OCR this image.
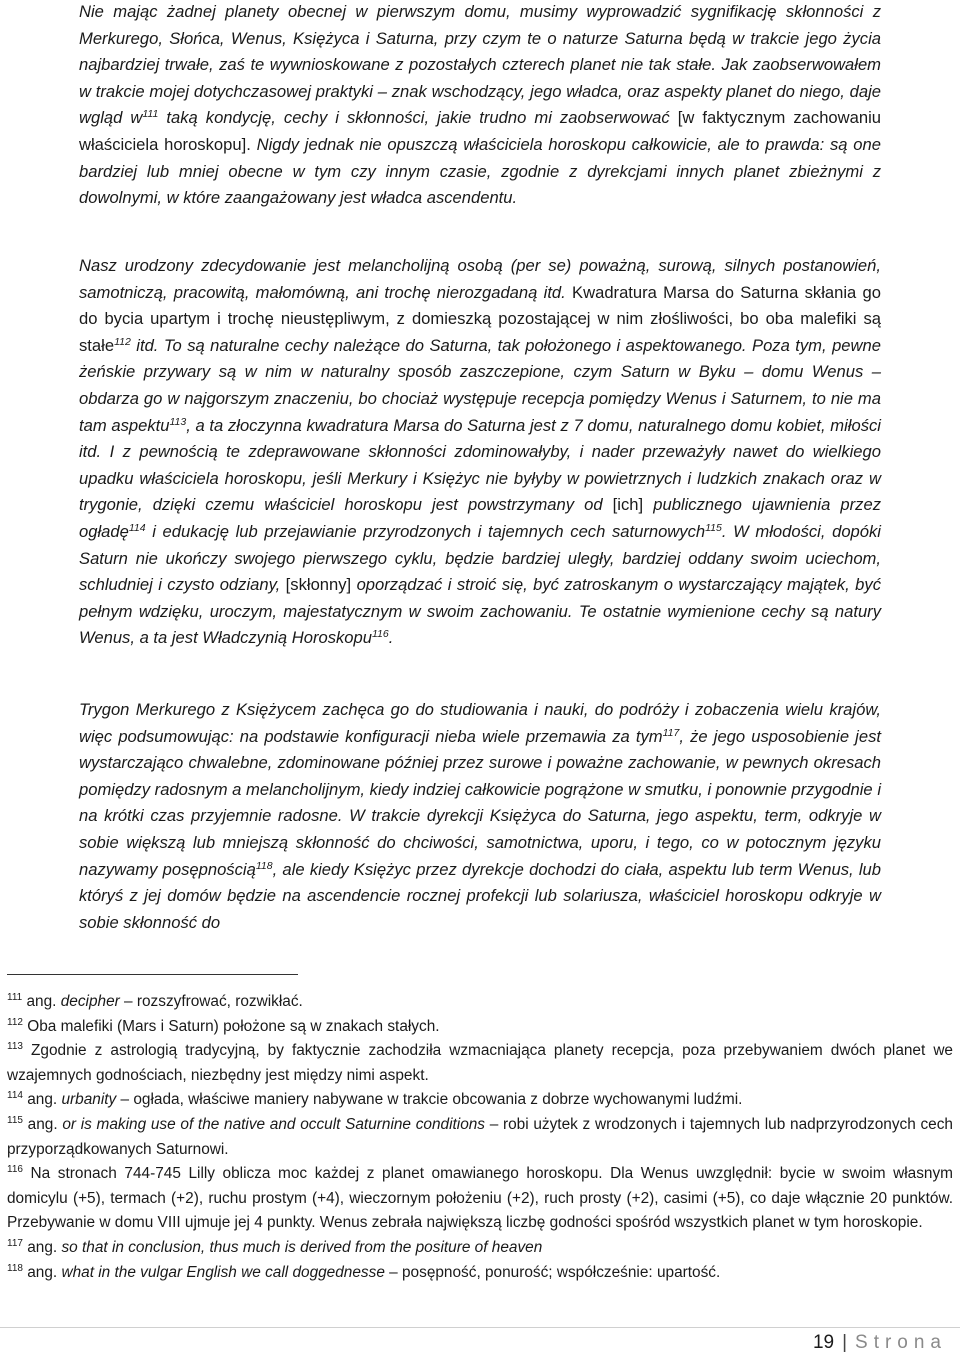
Nie mając żadnej planety obecnej w pierwszym domu, musimy wyprowadzić sygnifikację skłonności z Merkurego, Słońca, Wenus, Księżyca i Saturna, przy czym te o naturze Saturna będą w trakcie jego życia najbardziej trwałe, zaś te wywnioskowane z pozostałych czterech planet nie tak stałe. Jak zaobserwowałem w trakcie mojej dotychczasowej praktyki – znak wschodzący, jego władca, oraz aspekty planet do niego, daje wgląd $w^{111}$ taką kondycję, cechy i skłonności, jakie trudno mi zaobserwować [w faktycznym zachowaniu właściciela horoskopu]. Nigdy jednak nie opuszczą właściciela horoskopu całkowicie, ale to prawda: są one bardziej lub mniej obecne w tym czy innym czasie, zgodnie z dyrekcjami innych planet zbieżnymi z dowolnymi, w które zaangażowany jest władca ascendentu.

Nasz urodzony zdecydowanie jest melancholijną osobą (per se) poważną, surową, silnych postanowień, samotniczą, pracowitą, małomówną, ani trochę nierozgadaną itd. Kwadratura Marsa do Saturna skłania go do bycia upartym i trochę nieustępliwym, z domieszką pozostającej w nim złośliwości, bo oba malefiki są stałe$^{112}$ itd. To są naturalne cechy należące do Saturna, tak położonego i aspektowanego. Poza tym, pewne żeńskie przywary są w nim w naturalny sposób zaszczepione, czym Saturn w Byku – domu Wenus – obdarza go w najgorszym znaczeniu, bo chociaż występuje recepcja pomiędzy Wenus i Saturnem, to nie ma tam aspektu$^{113}$, a ta złoczynna kwadratura Marsa do Saturna jest z 7 domu, naturalnego domu kobiet, miłości itd. I z pewnością te zdeprawowane skłonności zdominowałyby, i nader przeważyły nawet do wielkiego upadku właściciela horoskopu, jeśli Merkury i Księżyc nie byłyby w powietrznych i ludzkich znakach oraz w trygonie, dzięki czemu właściciel horoskopu jest powstrzymany od [ich] publicznego ujawnienia przez ogładę$^{114}$ i edukację lub przejawianie przyrodzonych i tajemnych cech saturnowych$^{115}$. W młodości, dopóki Saturn nie ukończy swojego pierwszego cyklu, będzie bardziej uległy, bardziej oddany swoim uciechom, schludniej i czysto odziany, [skłonny] oporządzać i stroić się, być zatroskanym o wystarczający majątek, być pełnym wdzięku, uroczym, majestatycznym w swoim zachowaniu. Te ostatnie wymienione cechy są natury Wenus, a ta jest Władczynią Horoskopu$^{116}$.

Trygon Merkurego z Księżycem zachęca go do studiowania i nauki, do podróży i zobaczenia wielu krajów, więc podsumowując: na podstawie konfiguracji nieba wiele przemawia za tym$^{117}$, że jego usposobienie jest wystarczająco chwalebne, zdominowane później przez surowe i poważne zachowanie, w pewnych okresach pomiędzy radosnym a melancholijnym, kiedy indziej całkowicie pogrążone w smutku, i ponownie przygodnie i na krótki czas przyjemnie radosne. W trakcie dyrekcji Księżyca do Saturna, jego aspektu, term, odkryje w sobie większą lub mniejszą skłonność do chciwości, samotnictwa, uporu, i tego, co w potocznym języku nazywamy posępnością$^{118}$, ale kiedy Księżyc przez dyrekcje dochodzi do ciała, aspektu lub term Wenus, lub któryś z jej domów będzie na ascendencie rocznej profekcji lub solariusza, właściciel horoskopu odkryje w sobie skłonność do

$^{111}$ ang. decipher – rozszyfrować, rozwikłać.

$^{112}$ Oba malefiki (Mars i Saturn) położone są w znakach stałych.

$^{113}$ Zgodnie z astrologią tradycyjną, by faktycznie zachodziła wzmacniająca planety recepcja, poza przebywaniem dwóch planet we wzajemnych godnościach, niezbędny jest między nimi aspekt.

$^{114}$ ang. urbanity – ogłada, właściwe maniery nabywane w trakcie obcowania z dobrze wychowanymi ludźmi.

$^{115}$ ang. or is making use of the native and occult Saturnine conditions – robi użytek z wrodzonych i tajemnych lub nadprzyrodzonych cech przyporządkowanych Saturnowi.

$^{116}$ Na stronach 744-745 Lilly oblicza moc każdej z planet omawianego horoskopu. Dla Wenus uwzględnił: bycie w swoim własnym domicylu (+5), termach (+2), ruchu prostym (+4), wieczornym położeniu (+2), ruch prosty (+2), casimi (+5), co daje włącznie 20 punktów. Przebywanie w domu VIII ujmuje jej 4 punkty. Wenus zebrała największą liczbę godności spośród wszystkich planet w tym horoskopie.

$^{117}$ ang. so that in conclusion, thus much is derived from the positure of heaven

$^{118}$ ang. what in the vulgar English we call doggednesse – posępność, ponurość; współcześnie: upartość.

19 | Strona
